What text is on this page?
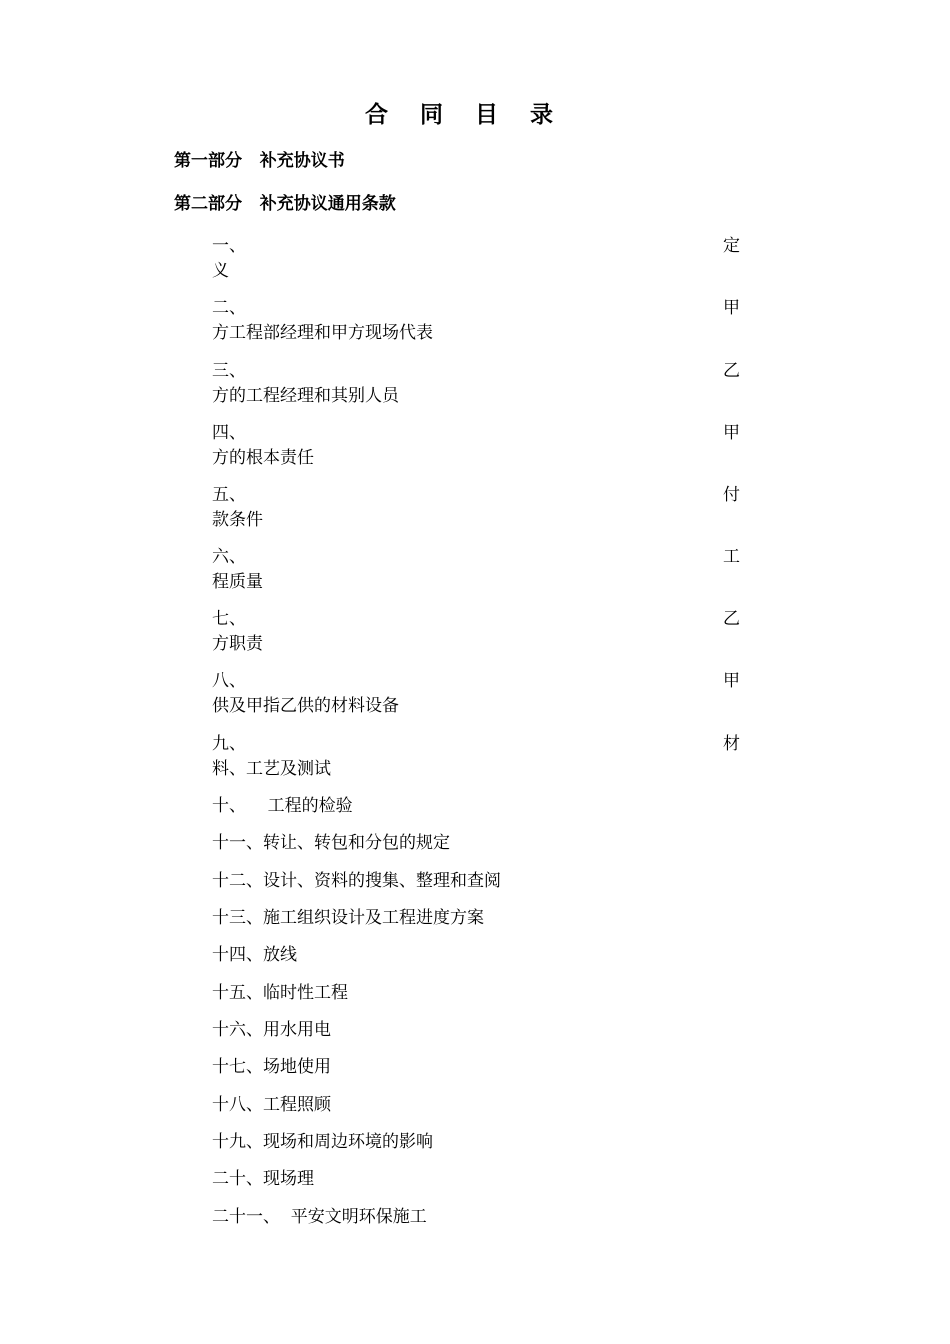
合 同 目 录
第一部分 补充协议书
第二部分 补充协议通用条款

一、

	定

义

二、

	甲

方工程部经理和甲方现场代表

三、

	乙

方的工程经理和其别人员

四、

	甲

方的根本责任

五、

	付

款条件

六、

	工

程质量

七、

	乙

方职责

八、

	甲

供及甲指乙供的材料设备

九、

	材

料、工艺及测试

十、    工程的检验
十一、转让、转包和分包的规定
十二、设计、资料的搜集、整理和查阅
十三、施工组织设计及工程进度方案
十四、放线
十五、临时性工程
十六、用水用电
十七、场地使用
十八、工程照顾
十九、现场和周边环境的影响
二十、现场理
二十一、  平安文明环保施工
